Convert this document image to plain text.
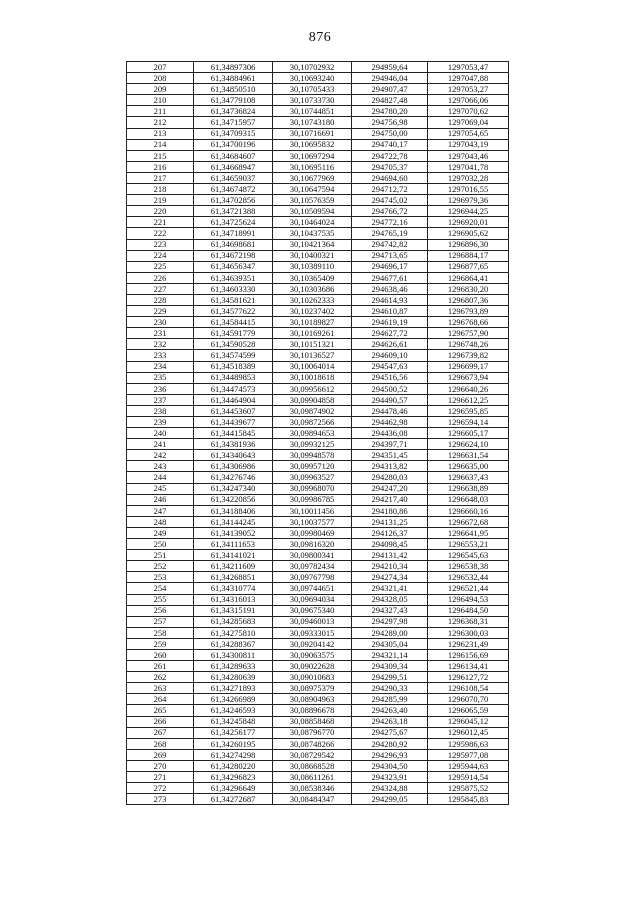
876
207	61,34897306	30,10702932	294959,64	1297053,47
208	61,34884961	30,10693240	294946,04	1297047,88
209	61,34850510	30,10705433	294907,47	1297053,27
210	61,34779108	30,10733730	294827,48	1297066,06
211	61,34736824	30,10744851	294780,20	1297070,62
212	61,34715957	30,10743180	294756,98	1297069,04
213	61,34709315	30,10716691	294750,00	1297054,65
214	61,34700196	30,10695832	294740,17	1297043,19
215	61,34684607	30,10697294	294722,78	1297043,46
216	61,34668947	30,10695116	294705,37	1297041,78
217	61,34659037	30,10677969	294694,60	1297032,28
218	61,34674872	30,10647594	294712,72	1297016,55
219	61,34702856	30,10576359	294745,02	1296979,36
220	61,34721388	30,10509594	294766,72	1296944,25
221	61,34725624	30,10464024	294772,16	1296920,01
222	61,34718991	30,10437535	294765,19	1296905,62
223	61,34698681	30,10421364	294742,82	1296896,30
224	61,34672198	30,10400321	294713,65	1296884,17
225	61,34656347	30,10389110	294696,17	1296877,65
226	61,34639351	30,10365409	294677,61	1296864,41
227	61,34603330	30,10303686	294638,46	1296830,20
228	61,34581621	30,10262333	294614,93	1296807,36
229	61,34577622	30,10237402	294610,87	1296793,89
230	61,34584415	30,10189827	294619,19	1296768,66
231	61,34591779	30,10169261	294627,72	1296757,90
232	61,34590528	30,10151321	294626,61	1296748,26
233	61,34574599	30,10136527	294609,10	1296739,82
234	61,34518389	30,10064014	294547,63	1296699,17
235	61,34489853	30,10018618	294516,56	1296673,94
236	61,34474573	30,09956612	294500,52	1296640,26
237	61,34464904	30,09904858	294490,57	1296612,25
238	61,34453607	30,09874902	294478,46	1296595,85
239	61,34439677	30,09872566	294462,98	1296594,14
240	61,34415845	30,09894653	294436,08	1296605,17
241	61,34381936	30,09932125	294397,71	1296624,10
242	61,34340643	30,09948578	294351,45	1296631,54
243	61,34306986	30,09957120	294313,82	1296635,00
244	61,34276746	30,09963527	294280,03	1296637,43
245	61,34247340	30,09968070	294247,20	1296638,89
246	61,34220856	30,09986785	294217,40	1296648,03
247	61,34188406	30,10011456	294180,86	1296660,16
248	61,34144245	30,10037577	294131,25	1296672,68
249	61,34139052	30,09980469	294126,37	1296641,95
250	61,34111653	30,09816320	294098,45	1296553,21
251	61,34141021	30,09800341	294131,42	1296545,63
252	61,34211609	30,09782434	294210,34	1296538,38
253	61,34268851	30,09767798	294274,34	1296532,44
254	61,34310774	30,09744651	294321,41	1296521,44
255	61,34316013	30,09694034	294328,05	1296494,53
256	61,34315191	30,09675340	294327,43	1296484,50
257	61,34285683	30,09460013	294297,98	1296368,31
258	61,34275810	30,09333015	294289,00	1296300,03
259	61,34288367	30,09204142	294305,04	1296231,49
260	61,34300811	30,09063575	294321,14	1296156,69
261	61,34289633	30,09022628	294309,34	1296134,41
262	61,34280639	30,09010683	294299,51	1296127,72
263	61,34271893	30,08975379	294290,33	1296108,54
264	61,34266989	30,08904963	294285,99	1296070,70
265	61,34246593	30,08896678	294263,40	1296065,59
266	61,34245848	30,08858468	294263,18	1296045,12
267	61,34256177	30,08796770	294275,67	1296012,45
268	61,34260195	30,08748266	294280,92	1295986,63
269	61,34274298	30,08729542	294296,93	1295977,08
270	61,34280220	30,08668528	294304,50	1295944,63
271	61,34296823	30,08611261	294323,91	1295914,54
272	61,34296649	30,08538346	294324,88	1295875,52
273	61,34272687	30,08484347	294299,05	1295845,83
